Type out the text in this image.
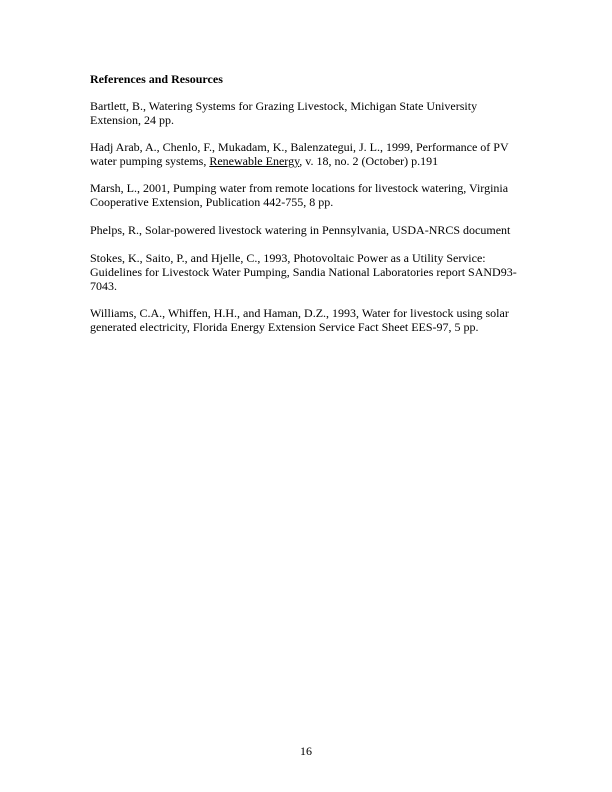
References and Resources
Bartlett, B., Watering Systems for Grazing Livestock, Michigan State University
Extension, 24 pp.
Hadj Arab, A., Chenlo, F., Mukadam, K., Balenzategui, J. L., 1999, Performance of PV
water pumping systems, Renewable Energy, v. 18, no. 2 (October) p.191
Marsh, L., 2001, Pumping water from remote locations for livestock watering, Virginia
Cooperative Extension, Publication 442-755, 8 pp.
Phelps, R., Solar-powered livestock watering in Pennsylvania, USDA-NRCS document
Stokes, K., Saito, P., and Hjelle, C., 1993, Photovoltaic Power as a Utility Service:
Guidelines for Livestock Water Pumping, Sandia National Laboratories report SAND93-
7043.
Williams, C.A., Whiffen, H.H., and Haman, D.Z., 1993, Water for livestock using solar
generated electricity, Florida Energy Extension Service Fact Sheet EES-97, 5 pp.
16
